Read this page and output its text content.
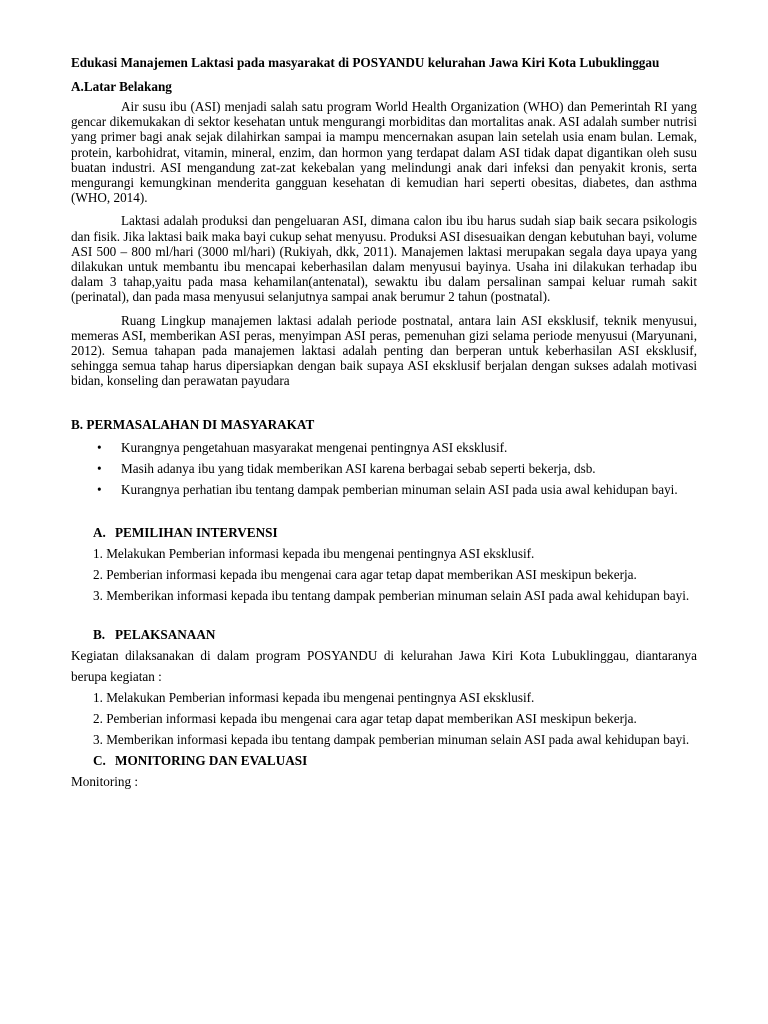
Edukasi Manajemen Laktasi pada masyarakat di POSYANDU kelurahan Jawa Kiri Kota Lubuklinggau

A.Latar Belakang

Air susu ibu (ASI) menjadi salah satu program World Health Organization (WHO) dan Pemerintah RI yang gencar dikemukakan di sektor kesehatan untuk mengurangi morbiditas dan mortalitas anak. ASI adalah sumber nutrisi yang primer bagi anak sejak dilahirkan sampai ia mampu mencernakan asupan lain setelah usia enam bulan. Lemak, protein, karbohidrat, vitamin, mineral, enzim, dan hormon yang terdapat dalam ASI tidak dapat digantikan oleh susu buatan industri. ASI mengandung zat-zat kekebalan yang melindungi anak dari infeksi dan penyakit kronis, serta mengurangi kemungkinan menderita gangguan kesehatan di kemudian hari seperti obesitas, diabetes, dan asthma (WHO, 2014).

Laktasi adalah produksi dan pengeluaran ASI, dimana calon ibu ibu harus sudah siap baik secara psikologis dan fisik. Jika laktasi baik maka bayi cukup sehat menyusu. Produksi ASI disesuaikan dengan kebutuhan bayi, volume ASI 500 – 800 ml/hari (3000 ml/hari) (Rukiyah, dkk, 2011). Manajemen laktasi merupakan segala daya upaya yang dilakukan untuk membantu ibu mencapai keberhasilan dalam menyusui bayinya. Usaha ini dilakukan terhadap ibu dalam 3 tahap,yaitu pada masa kehamilan(antenatal), sewaktu ibu dalam persalinan sampai keluar rumah sakit (perinatal), dan pada masa menyusui selanjutnya sampai anak berumur 2 tahun (postnatal).

Ruang Lingkup manajemen laktasi adalah periode postnatal, antara lain ASI eksklusif, teknik menyusui, memeras ASI, memberikan ASI peras, menyimpan ASI peras, pemenuhan gizi selama periode menyusui (Maryunani, 2012). Semua tahapan pada manajemen laktasi adalah penting dan berperan untuk keberhasilan ASI eksklusif, sehingga semua tahap harus dipersiapkan dengan baik supaya ASI eksklusif berjalan dengan sukses adalah motivasi bidan, konseling dan perawatan payudara

B. PERMASALAHAN DI MASYARAKAT
• Kurangnya pengetahuan masyarakat mengenai pentingnya ASI eksklusif.
• Masih adanya ibu yang tidak memberikan ASI karena berbagai sebab seperti bekerja, dsb.
• Kurangnya perhatian ibu tentang dampak pemberian minuman selain ASI pada usia awal kehidupan bayi.
A. PEMILIHAN INTERVENSI

1. Melakukan Pemberian informasi kepada ibu mengenai pentingnya ASI eksklusif.

2. Pemberian informasi kepada ibu mengenai cara agar tetap dapat memberikan ASI meskipun bekerja.

3. Memberikan informasi kepada ibu tentang dampak pemberian minuman selain ASI pada awal kehidupan bayi.

B. PELAKSANAAN

Kegiatan dilaksanakan di dalam program POSYANDU di kelurahan Jawa Kiri Kota Lubuklinggau, diantaranya berupa kegiatan :

1. Melakukan Pemberian informasi kepada ibu mengenai pentingnya ASI eksklusif.

2. Pemberian informasi kepada ibu mengenai cara agar tetap dapat memberikan ASI meskipun bekerja.

3. Memberikan informasi kepada ibu tentang dampak pemberian minuman selain ASI pada awal kehidupan bayi.

C. MONITORING DAN EVALUASI

Monitoring :
